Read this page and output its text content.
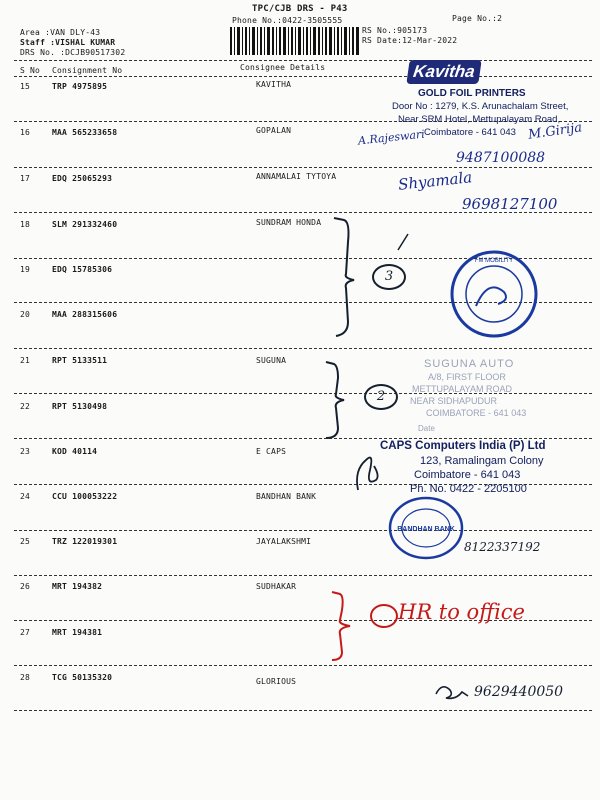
TPC/CJB DRS - P43
Phone No.:0422-3505555	Page No.:2
Area :VAN DLY-43
Staff :VISHAL KUMAR
DRS No. :DCJB90517302
RS No.:905173
RS Date:12-Mar-2022
S No Consignment No	Consignee Details
15	TRP 4975895	KAVITHA
16	MAA 565233658	GOPALAN
17	EDQ 25065293	ANNAMALAI TYTOYA
18	SLM 291332460	SUNDRAM HONDA
19	EDQ 15785306
20	MAA 288315606
21	RPT 5133511	SUGUNA
22	RPT 5130498
23	KOD 40114	E CAPS
24	CCU 100053222	BANDHAN BANK
25	TRZ 122019301	JAYALAKSHMI
26	MRT 194382	SUDHAKAR
27	MRT 194381
28	TCG 50135320	GLORIOUS
Kavitha
GOLD FOIL PRINTERS
Door No : 1279, K.S. Arunachalam Street,
Near SRM Hotel, Mettupalayam Road,
Coimbatore - 641 043
A.Rajeswari	M.Girija
9487100088
Shyamala
9698127100
3
FM MOBILITY
2
SUGUNA AUTO
A/8, FIRST FLOOR
METTUPALAYAM ROAD
NEAR SIDHAPUDUR
COIMBATORE - 641 043
Date
CAPS Computers India (P) Ltd
123, Ramalingam Colony
Coimbatore - 641 043
Ph. No. 0422 - 2205100
BANDHAN BANK
8122337192
HR to office
9629440050
